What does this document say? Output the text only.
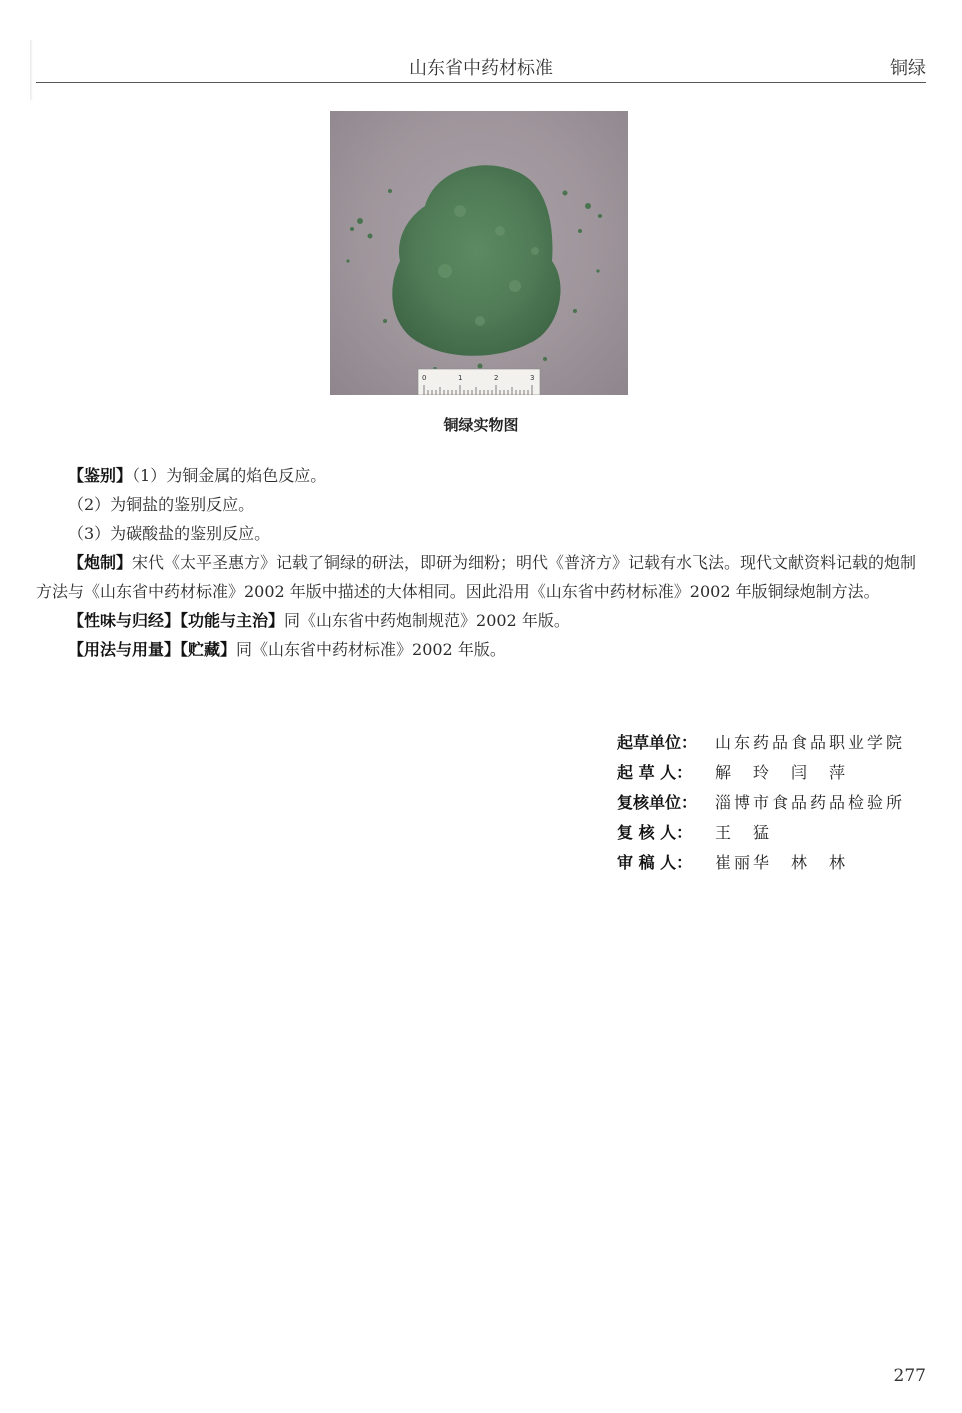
山东省中药材标准	铜绿
0	1	2	3
铜绿实物图

【鉴别】（1）为铜金属的焰色反应。

（2）为铜盐的鉴别反应。

（3）为碳酸盐的鉴别反应。

【炮制】宋代《太平圣惠方》记载了铜绿的研法，即研为细粉；明代《普济方》记载有水飞法。现代文献资料记载的炮制方法与《山东省中药材标准》2002 年版中描述的大体相同。因此沿用《山东省中药材标准》2002 年版铜绿炮制方法。

【性味与归经】【功能与主治】同《山东省中药炮制规范》2002 年版。

【用法与用量】【贮藏】同《山东省中药材标准》2002 年版。

起草单位：	山东药品食品职业学院
起 草 人：	解　玲　闫　萍
复核单位：	淄博市食品药品检验所
复 核 人：	王　猛
审 稿 人：	崔丽华　林　林
277
